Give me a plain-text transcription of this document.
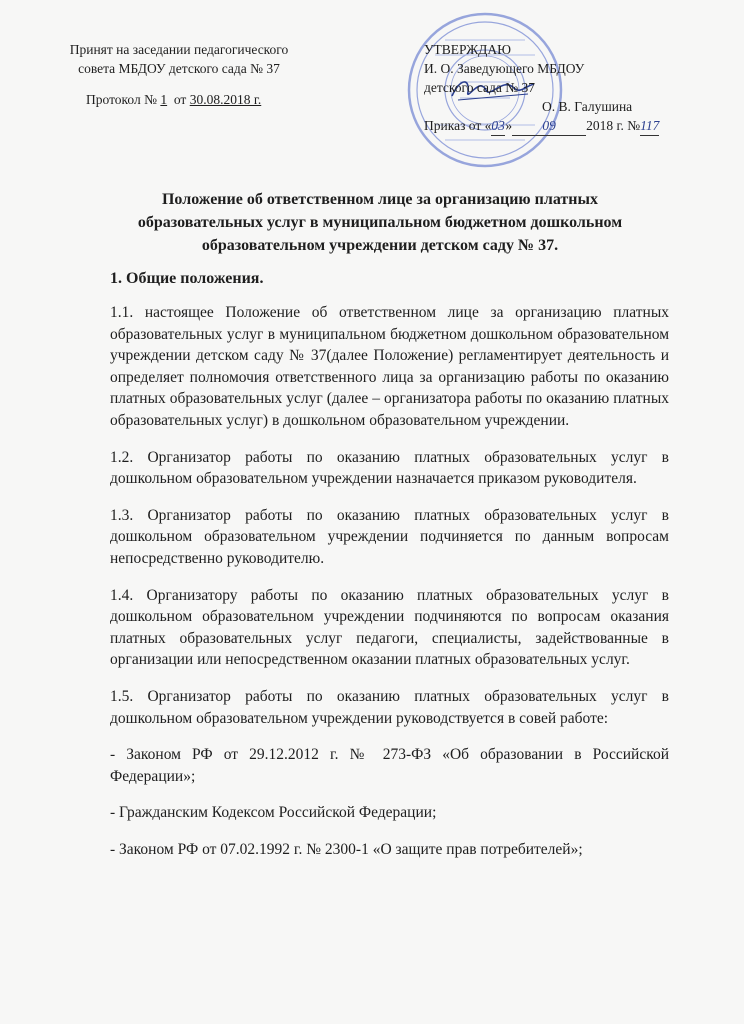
Принят на заседании педагогического
совета МБДОУ детского сада № 37
Протокол № 1 от 30.08.2018 г.
УТВЕРЖДАЮ
И. О. Заведующего МБДОУ
детского сада № 37
О. В. Галушина
Приказ от «03» 09 2018 г. №117
Положение об ответственном лице за организацию платных образовательных услуг в муниципальном бюджетном дошкольном образовательном учреждении детском саду № 37.
1. Общие положения.

1.1. настоящее Положение об ответственном лице за организацию платных образовательных услуг в муниципальном бюджетном дошкольном образовательном учреждении детском саду № 37(далее Положение) регламентирует деятельность и определяет полномочия ответственного лица за организацию работы по оказанию платных образовательных услуг (далее – организатора работы по оказанию платных образовательных услуг) в дошкольном образовательном учреждении.

1.2. Организатор работы по оказанию платных образовательных услуг в дошкольном образовательном учреждении назначается приказом руководителя.

1.3. Организатор работы по оказанию платных образовательных услуг в дошкольном образовательном учреждении подчиняется по данным вопросам непосредственно руководителю.

1.4. Организатору работы по оказанию платных образовательных услуг в дошкольном образовательном учреждении подчиняются по вопросам оказания платных образовательных услуг педагоги, специалисты, задействованные в организации или непосредственном оказании платных образовательных услуг.

1.5. Организатор работы по оказанию платных образовательных услуг в дошкольном образовательном учреждении руководствуется в совей работе:

- Законом РФ от 29.12.2012 г. № 273-ФЗ «Об образовании в Российской Федерации»;

- Гражданским Кодексом Российской Федерации;

- Законом РФ от 07.02.1992 г. № 2300-1 «О защите прав потребителей»;
